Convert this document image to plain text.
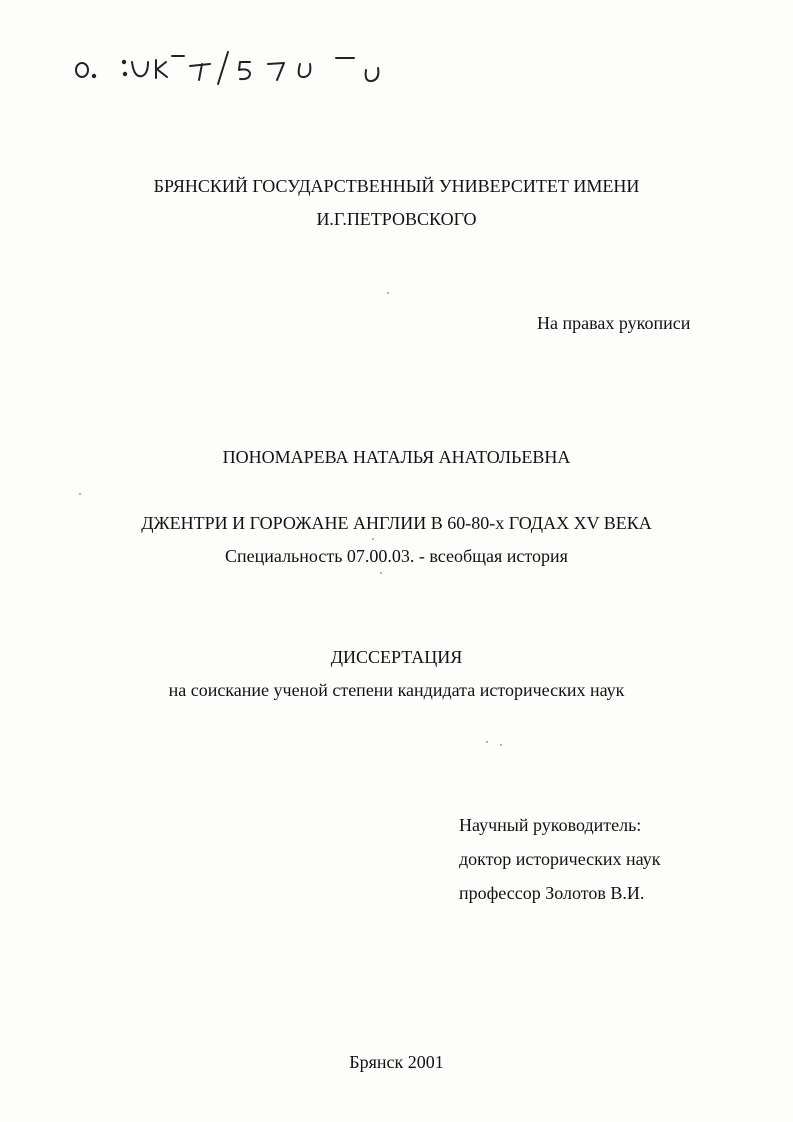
БРЯНСКИЙ ГОСУДАРСТВЕННЫЙ УНИВЕРСИТЕТ ИМЕНИ
И.Г.ПЕТРОВСКОГО
На правах рукописи
ПОНОМАРЕВА НАТАЛЬЯ АНАТОЛЬЕВНА
ДЖЕНТРИ И ГОРОЖАНЕ АНГЛИИ В 60-80-х ГОДАХ XV ВЕКА
Специальность 07.00.03. - всеобщая история
ДИССЕРТАЦИЯ
на соискание ученой степени кандидата исторических наук
Научный руководитель:
доктор исторических наук
профессор Золотов В.И.
Брянск 2001
